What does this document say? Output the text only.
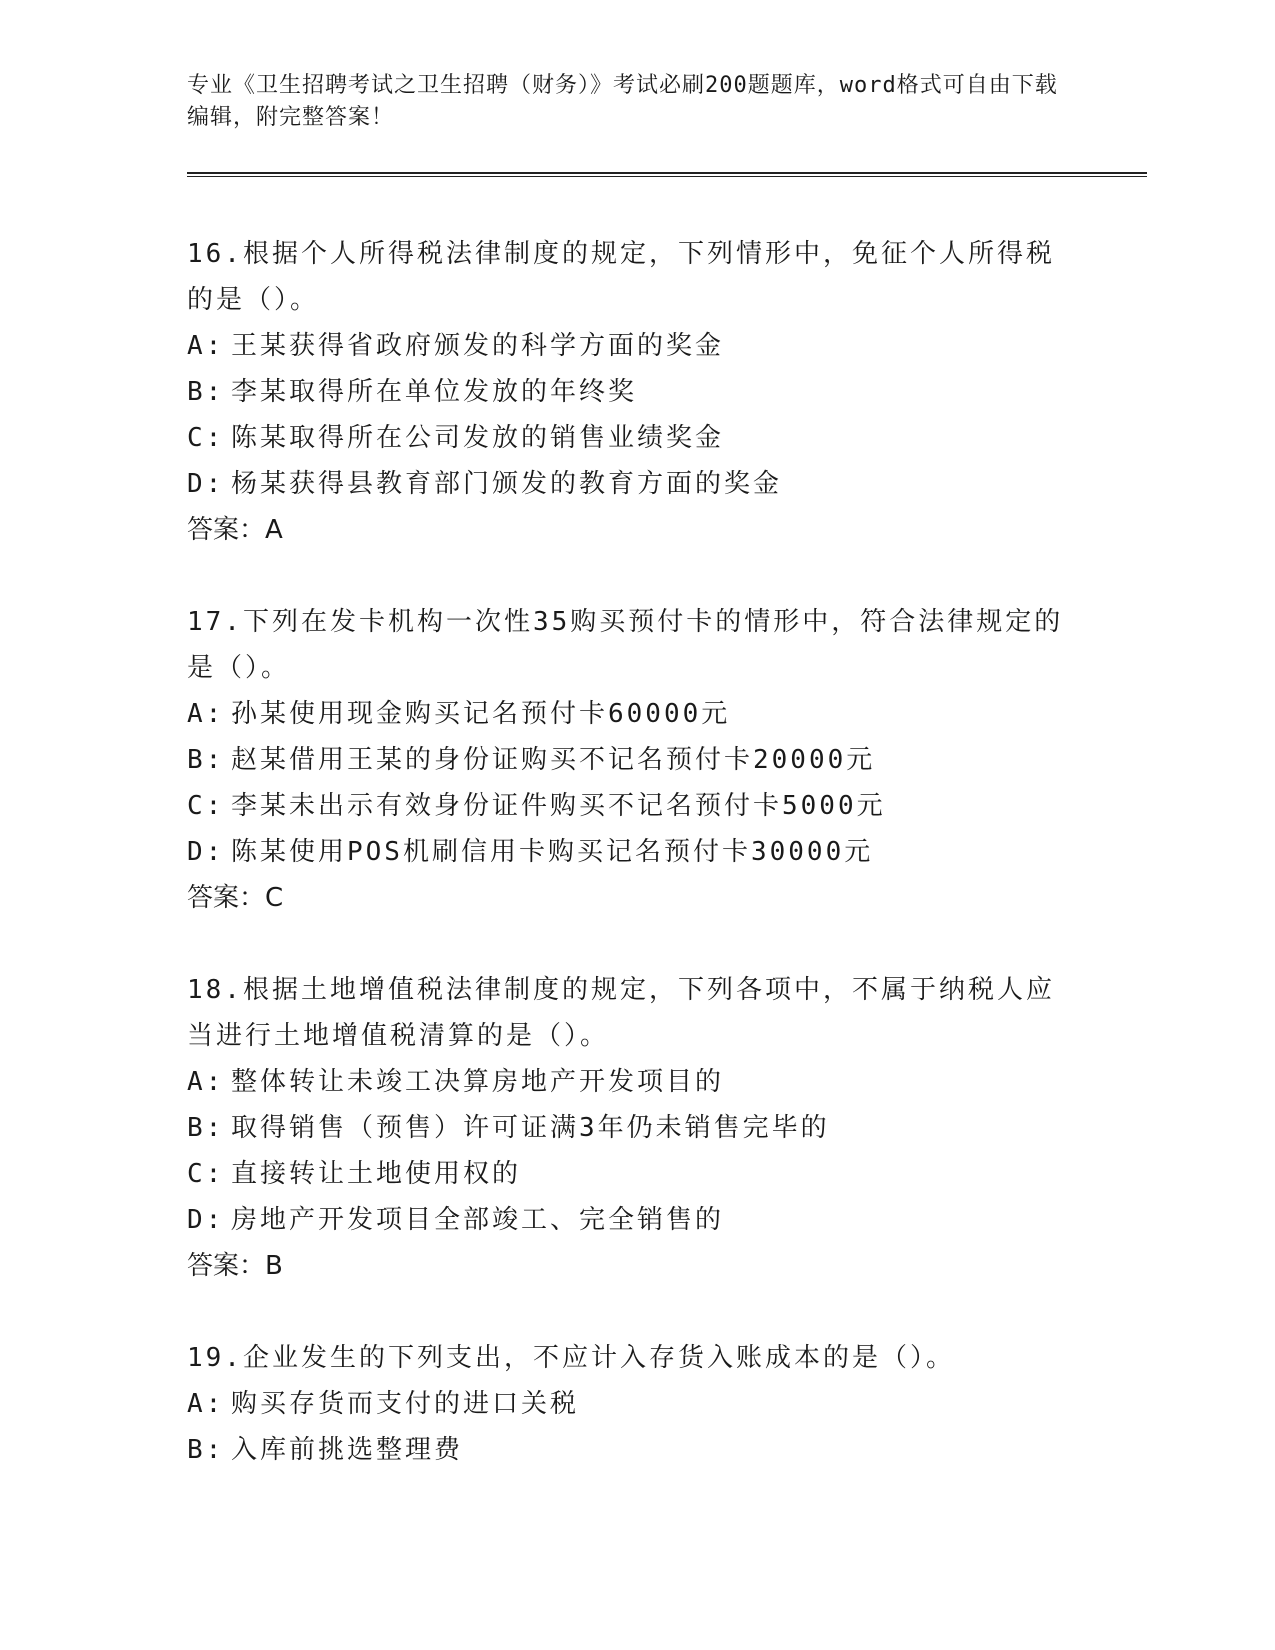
专业《卫生招聘考试之卫生招聘（财务）》考试必刷200题题库，word格式可自由下载编辑，附完整答案！

16.根据个人所得税法律制度的规定，下列情形中，免征个人所得税的是（）。

A: 王某获得省政府颁发的科学方面的奖金

B: 李某取得所在单位发放的年终奖

C: 陈某取得所在公司发放的销售业绩奖金

D: 杨某获得县教育部门颁发的教育方面的奖金

答案：A

17.下列在发卡机构一次性35购买预付卡的情形中，符合法律规定的是（）。

A: 孙某使用现金购买记名预付卡60000元

B: 赵某借用王某的身份证购买不记名预付卡20000元

C: 李某未出示有效身份证件购买不记名预付卡5000元

D: 陈某使用POS机刷信用卡购买记名预付卡30000元

答案：C

18.根据土地增值税法律制度的规定，下列各项中，不属于纳税人应当进行土地增值税清算的是（）。

A: 整体转让未竣工决算房地产开发项目的

B: 取得销售（预售）许可证满3年仍未销售完毕的

C: 直接转让土地使用权的

D: 房地产开发项目全部竣工、完全销售的

答案：B

19.企业发生的下列支出，不应计入存货入账成本的是（）。

A: 购买存货而支付的进口关税

B: 入库前挑选整理费
